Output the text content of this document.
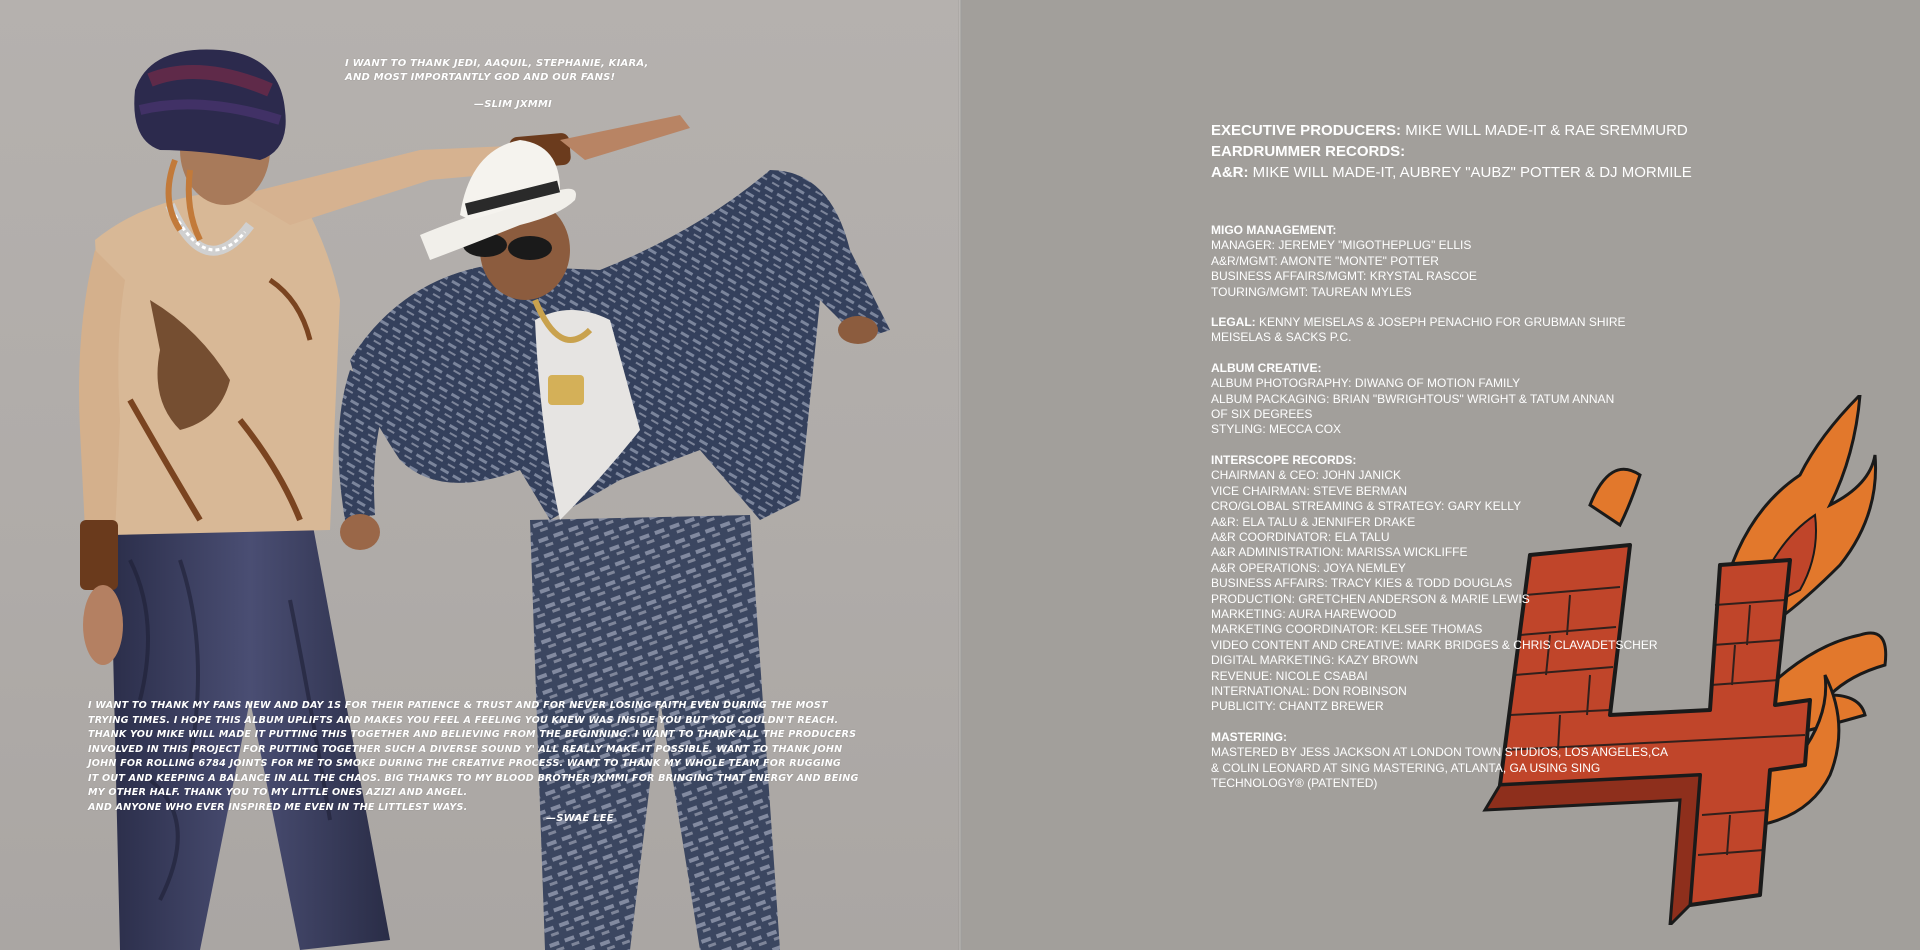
I WANT TO THANK JEDI, AAQUIL, STEPHANIE, KIARA,
AND MOST IMPORTANTLY GOD AND OUR FANS!
—SLIM JXMMI
I WANT TO THANK MY FANS NEW AND DAY 1S FOR THEIR PATIENCE & TRUST AND FOR NEVER LOSING FAITH EVEN DURING THE MOST
TRYING TIMES. I HOPE THIS ALBUM UPLIFTS AND MAKES YOU FEEL A FEELING YOU KNEW WAS INSIDE YOU BUT YOU COULDN'T REACH.
THANK YOU MIKE WILL MADE IT PUTTING THIS TOGETHER AND BELIEVING FROM THE BEGINNING. I WANT TO THANK ALL THE PRODUCERS
INVOLVED IN THIS PROJECT FOR PUTTING TOGETHER SUCH A DIVERSE SOUND Y' ALL REALLY MAKE IT POSSIBLE. WANT TO THANK JOHN
JOHN FOR ROLLING 6784 JOINTS FOR ME TO SMOKE DURING THE CREATIVE PROCESS. WANT TO THANK MY WHOLE TEAM FOR RUGGING
IT OUT AND KEEPING A BALANCE IN ALL THE CHAOS. BIG THANKS TO MY BLOOD BROTHER JXMMI FOR BRINGING THAT ENERGY AND BEING
MY OTHER HALF. THANK YOU TO MY LITTLE ONES AZIZI AND ANGEL.
AND ANYONE WHO EVER INSPIRED ME EVEN IN THE LITTLEST WAYS.
—SWAE LEE
EXECUTIVE PRODUCERS: MIKE WILL MADE-IT & RAE SREMMURD
EARDRUMMER RECORDS:
A&R: MIKE WILL MADE-IT, AUBREY "AUBZ" POTTER & DJ MORMILE
MIGO MANAGEMENT:
MANAGER: JEREMEY "MIGOTHEPLUG" ELLIS
A&R/MGMT: AMONTE "MONTE" POTTER
BUSINESS AFFAIRS/MGMT: KRYSTAL RASCOE
TOURING/MGMT: TAUREAN MYLES
LEGAL: KENNY MEISELAS & JOSEPH PENACHIO FOR GRUBMAN SHIRE
MEISELAS & SACKS P.C.
ALBUM CREATIVE:
ALBUM PHOTOGRAPHY: DIWANG OF MOTION FAMILY
ALBUM PACKAGING: BRIAN "BWRIGHTOUS" WRIGHT & TATUM ANNAN
OF SIX DEGREES
STYLING: MECCA COX
INTERSCOPE RECORDS:
CHAIRMAN & CEO: JOHN JANICK
VICE CHAIRMAN: STEVE BERMAN
CRO/GLOBAL STREAMING & STRATEGY: GARY KELLY
A&R: ELA TALU & JENNIFER DRAKE
A&R COORDINATOR: ELA TALU
A&R ADMINISTRATION: MARISSA WICKLIFFE
A&R OPERATIONS: JOYA NEMLEY
BUSINESS AFFAIRS: TRACY KIES & TODD DOUGLAS
PRODUCTION: GRETCHEN ANDERSON & MARIE LEWIS
MARKETING: AURA HAREWOOD
MARKETING COORDINATOR: KELSEE THOMAS
VIDEO CONTENT AND CREATIVE: MARK BRIDGES & CHRIS CLAVADETSCHER
DIGITAL MARKETING: KAZY BROWN
REVENUE: NICOLE CSABAI
INTERNATIONAL: DON ROBINSON
PUBLICITY: CHANTZ BREWER
MASTERING:
MASTERED BY JESS JACKSON AT LONDON TOWN STUDIOS, LOS ANGELES,CA
& COLIN LEONARD AT SING MASTERING, ATLANTA, GA USING SING
TECHNOLOGY® (PATENTED)
